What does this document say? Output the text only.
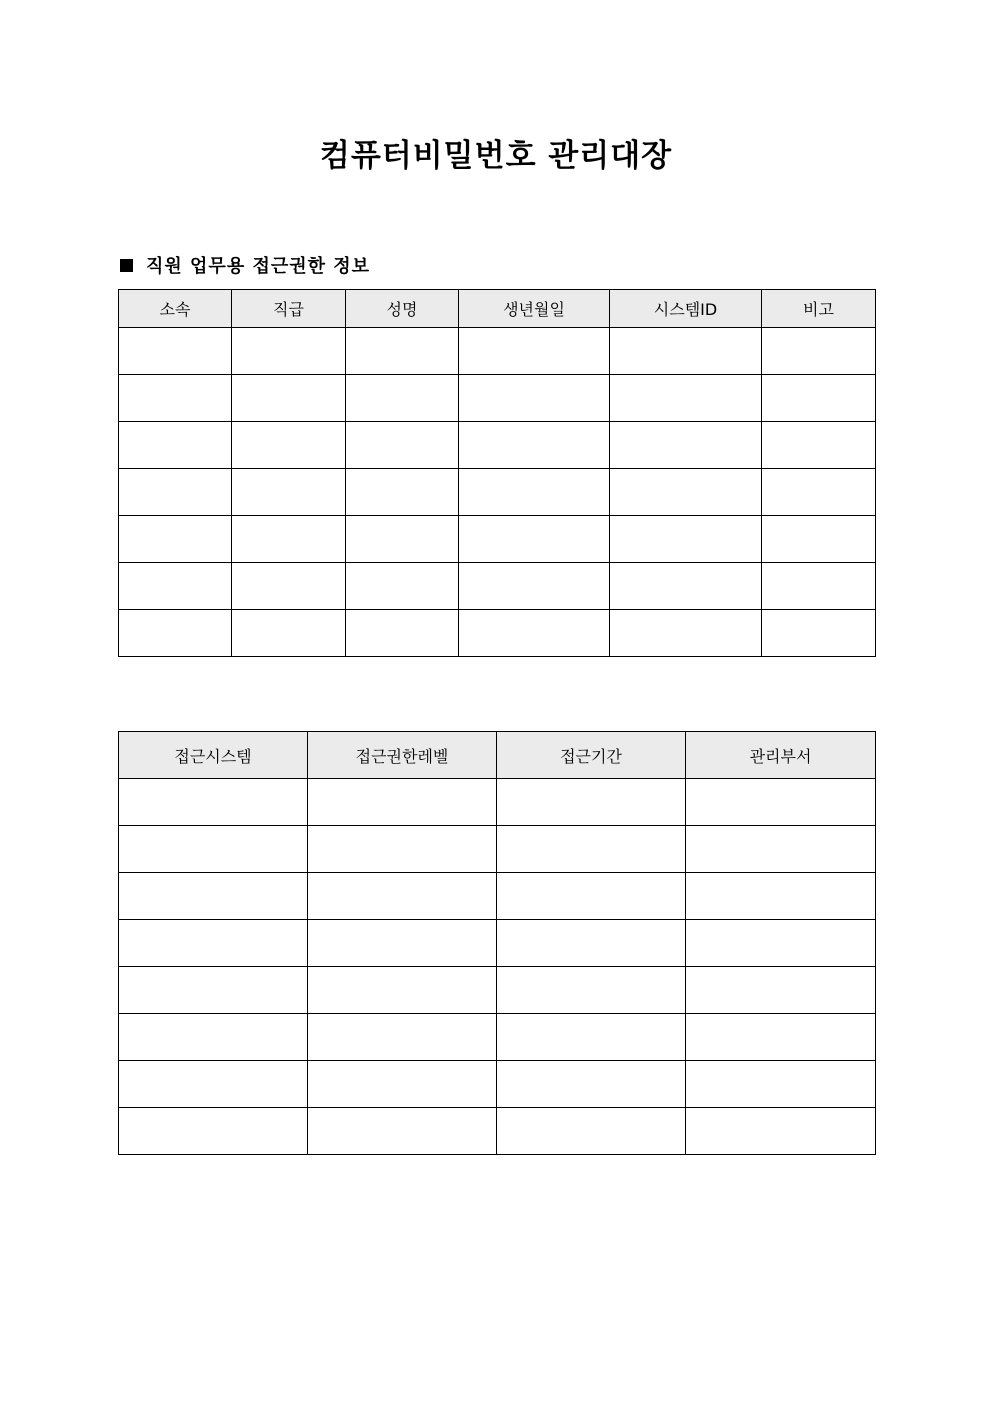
컴퓨터비밀번호 관리대장
직원 업무용 접근권한 정보
소속	직급	성명	생년월일	시스템ID	비고

접근시스템	접근권한레벨	접근기간	관리부서
